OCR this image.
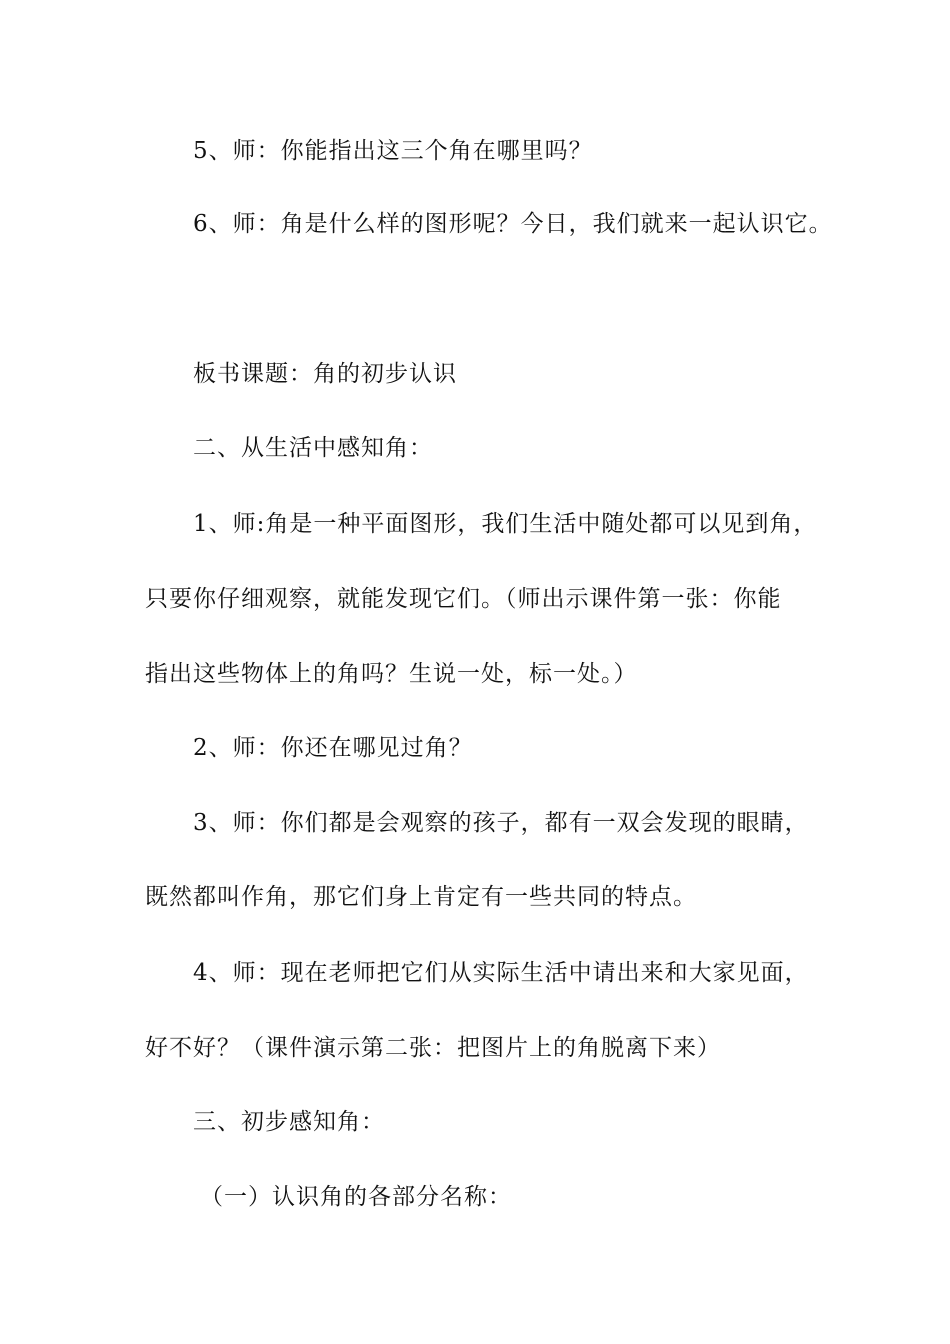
5、师：你能指出这三个角在哪里吗？
6、师：角是什么样的图形呢？今日，我们就来一起认识它。
板书课题：角的初步认识
二、从生活中感知角：
1、师:角是一种平面图形，我们生活中随处都可以见到角，
只要你仔细观察，就能发现它们。（师出示课件第一张：你能
指出这些物体上的角吗？生说一处，标一处。）
2、师：你还在哪见过角？
3、师：你们都是会观察的孩子，都有一双会发现的眼睛，
既然都叫作角，那它们身上肯定有一些共同的特点。
4、师：现在老师把它们从实际生活中请出来和大家见面，
好不好？（课件演示第二张：把图片上的角脱离下来）
三、初步感知角：
（一）认识角的各部分名称：
